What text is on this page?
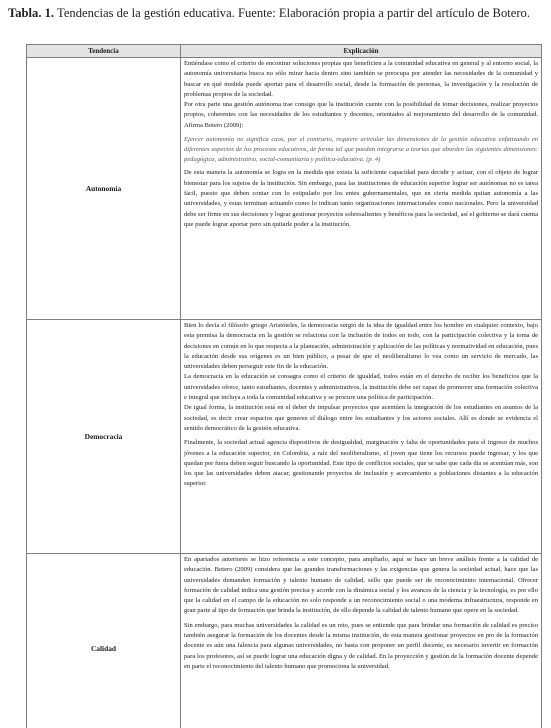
Tabla. 1. Tendencias de la gestión educativa. Fuente: Elaboración propia a partir del artículo de Botero.
Tendencia	Explicación
Autonomía

Entiéndase como el criterio de encontrar soluciones propias que beneficien a la comunidad educativa en general y al entorno social, la autonomía universitaria busca no sólo mirar hacia dentro sino también se preocupa por atender las necesidades de la comunidad y buscar en qué medida puede aportar para el desarrollo social, desde la formación de personas, la investigación y la resolución de problemas propios de la sociedad.

Por otra parte una gestión autónoma trae consigo que la institución cuente con la posibilidad de tomar decisiones, realizar proyectos propios, coherentes con las necesidades de los estudiantes y docentes, orientados al mejoramiento del desarrollo de la comunidad. Afirma Botero (2009):

Ejercer autonomía no significa caos, por el contrario, requiere articular las dimensiones de la gestión educativa enfatizando en diferentes aspectos de los procesos educativos, de forma tal que puedan integrarse a teorías que aborden las siguientes dimensiones: pedagógica, administrativa, social-comunitaria y política-educativa. (p. 4)

De esta manera la autonomía se logra en la medida que exista la suficiente capacidad para decidir y actuar, con el objeto de lograr bienestar para los sujetos de la institución. Sin embargo, para las instituciones de educación superior lograr ser autónomas no es tarea fácil, puesto que deben contar con lo estipulado por los entes gubernamentales, que en cierta medida quitan autonomía a las universidades, y estas terminan actuando como lo indican tanto organizaciones internacionales como nacionales. Pero la universidad debe ser firme en sus decisiones y lograr gestionar proyectos sobresalientes y benéficos para la sociedad, así el gobierno se dará cuenta que puede lograr aportar pero sin quitarle poder a la institución.

Democracia

Bien lo decía el filósofo griego Aristóteles, la democracia surgió de la idea de igualdad entre los hombre en cualquier contexto, bajo esta premisa la democracia en la gestión se relaciona con la inclusión de todos en todo, con la participación colectiva y la toma de decisiones en común en lo que respecta a la planeación, administración y aplicación de las políticas y normatividad en educación, pues la educación desde sus orígenes es un bien público, a pesar de que el neoliberalismo lo vea como un servicio de mercado, las universidades deben perseguir este fin de la educación.

La democracia en la educación se consagra como el criterio de igualdad, todos están en el derecho de recibir los beneficios que la universidades ofrece, tanto estudiantes, docentes y administrativos, la institución debe ser capaz de promover una formación colectiva e integral que incluya a toda la comunidad educativa y se procure una política de participación.

De igual forma, la institución está en el deber de impulsar proyectos que acentúen la integración de los estudiantes en asuntos de la sociedad, es decir crear espacios que generen el diálogo entre los estudiantes y los actores sociales. Allí es donde se evidencia el sentido democrático de la gestión educativa.

Finalmente, la sociedad actual agencia dispositivos de desigualdad, marginación y falta de oportunidades para el ingreso de muchos jóvenes a la educación superior, en Colombia, a raíz del neoliberalismo, el joven que tiene los recursos puede ingresar, y los que quedan por fuera deben seguir buscando la oportunidad. Este tipo de conflictos sociales, que se sabe que cada día se acentúan más, son los que las universidades deben atacar, gestionando proyectos de inclusión y acercamiento a poblaciones distantes a la educación superior.

Calidad

En apartados anteriores se hizo referencia a este concepto, para ampliarlo, aquí se hace un breve análisis frente a la calidad de educación. Botero (2009) considera que las grandes transformaciones y las exigencias que genera la sociedad actual, hace que las universidades demanden formación y talento humano de calidad, sello que puede ser de reconocimiento internacional. Ofrecer formación de calidad indica una gestión precisa y acorde con la dinámica social y los avances de la ciencia y la tecnología, es por ello que la calidad en el campo de la educación no solo responde a un reconocimiento social o una moderna infraestructura, responde en gran parte al tipo de formación que brinda la institución, de ello depende la calidad de talento humano que opere en la sociedad.

Sin embargo, para muchas universidades la calidad es un reto, pues se entiende que para brindar una formación de calidad es preciso también asegurar la formación de los docentes desde la misma institución, de esta manera gestionar proyectos en pro de la formación docente es aún una falencia para algunas universidades, no basta con proponer un perfil docente, es necesario invertir en formación para los profesores, así se puede lograr una educación digna y de calidad. En la proyección y gestión de la formación docente depende en parte el reconocimiento del talento humano que promociona la universidad.
